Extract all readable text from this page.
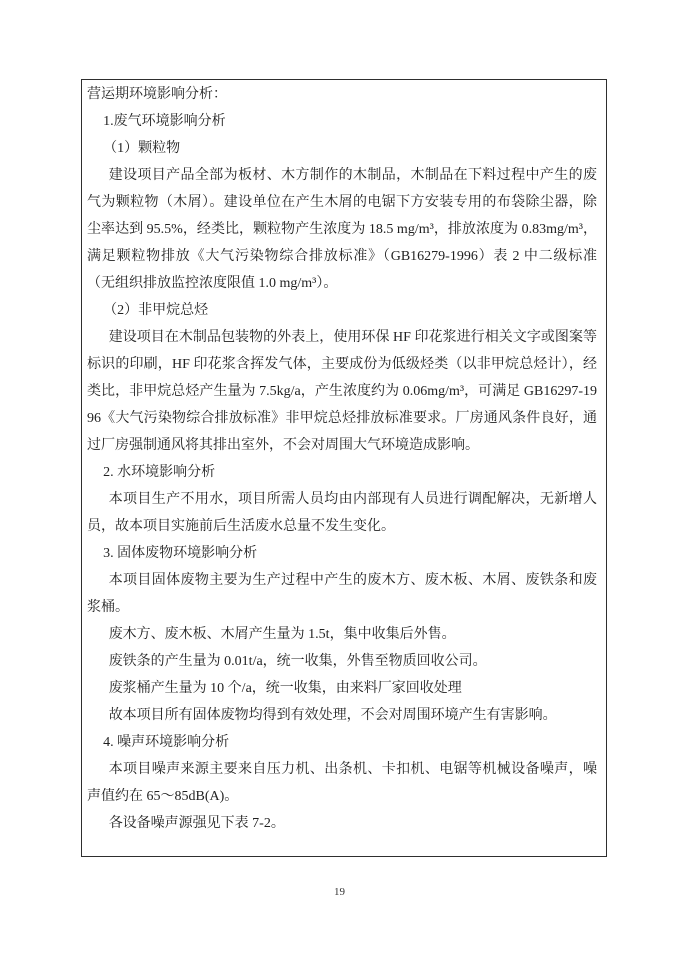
营运期环境影响分析：

1.废气环境影响分析

（1）颗粒物

建设项目产品全部为板材、木方制作的木制品，木制品在下料过程中产生的废气为颗粒物（木屑）。建设单位在产生木屑的电锯下方安装专用的布袋除尘器，除尘率达到 95.5%，经类比，颗粒物产生浓度为 18.5 mg/m³，排放浓度为 0.83mg/m³，满足颗粒物排放《大气污染物综合排放标准》（GB16279-1996）表 2 中二级标准（无组织排放监控浓度限值 1.0 mg/m³）。

（2）非甲烷总烃

建设项目在木制品包装物的外表上，使用环保 HF 印花浆进行相关文字或图案等标识的印刷，HF 印花浆含挥发气体，主要成份为低级烃类（以非甲烷总烃计），经类比，非甲烷总烃产生量为 7.5kg/a，产生浓度约为 0.06mg/m³，可满足 GB16297-1996《大气污染物综合排放标准》非甲烷总烃排放标准要求。厂房通风条件良好，通过厂房强制通风将其排出室外，不会对周围大气环境造成影响。

2. 水环境影响分析

本项目生产不用水，项目所需人员均由内部现有人员进行调配解决，无新增人员，故本项目实施前后生活废水总量不发生变化。

3. 固体废物环境影响分析

本项目固体废物主要为生产过程中产生的废木方、废木板、木屑、废铁条和废浆桶。

废木方、废木板、木屑产生量为 1.5t，集中收集后外售。

废铁条的产生量为 0.01t/a，统一收集，外售至物质回收公司。

废浆桶产生量为 10 个/a，统一收集，由来料厂家回收处理

故本项目所有固体废物均得到有效处理，不会对周围环境产生有害影响。

4. 噪声环境影响分析

本项目噪声来源主要来自压力机、出条机、卡扣机、电锯等机械设备噪声，噪声值约在 65～85dB(A)。

各设备噪声源强见下表 7-2。

19
